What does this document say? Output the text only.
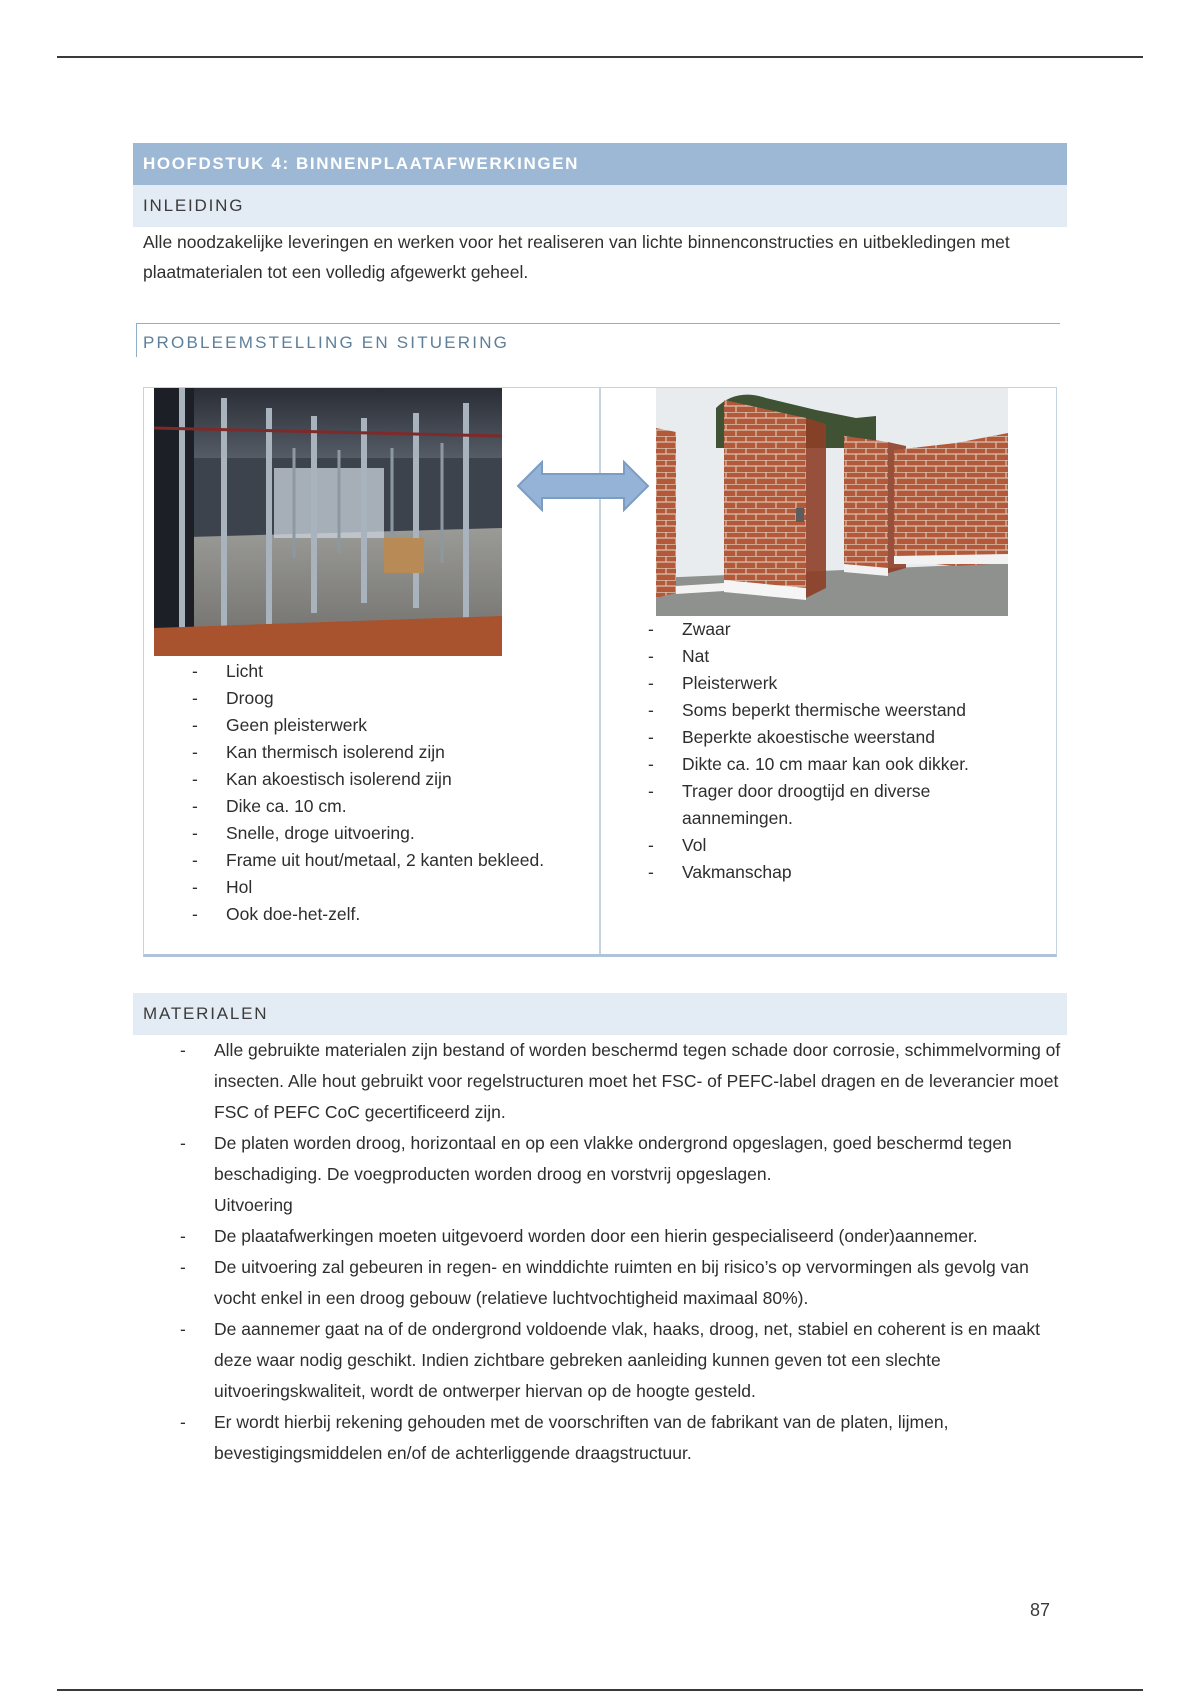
HOOFDSTUK 4: BINNENPLAATAFWERKINGEN
INLEIDING

Alle noodzakelijke leveringen en werken voor het realiseren van lichte binnenconstructies en uitbekledingen met plaatmaterialen tot een volledig afgewerkt geheel.

PROBLEEMSTELLING EN SITUERING
- Licht
- Droog
- Geen pleisterwerk
- Kan thermisch isolerend zijn
- Kan akoestisch isolerend zijn
- Dike ca. 10 cm.
- Snelle, droge uitvoering.
- Frame uit hout/metaal, 2 kanten bekleed.
- Hol
- Ook doe-het-zelf.
- Zwaar
- Nat
- Pleisterwerk
- Soms beperkt thermische weerstand
- Beperkte akoestische weerstand
- Dikte ca. 10 cm maar kan ook dikker.
- Trager door droogtijd en diverse aannemingen.
- Vol
- Vakmanschap
MATERIALEN
- Alle gebruikte materialen zijn bestand of worden beschermd tegen schade door corrosie, schimmelvorming of insecten. Alle hout gebruikt voor regelstructuren moet het FSC- of PEFC-label dragen en de leverancier moet FSC of PEFC CoC gecertificeerd zijn.
- De platen worden droog, horizontaal en op een vlakke ondergrond opgeslagen, goed beschermd tegen beschadiging. De voegproducten worden droog en vorstvrij opgeslagen.
Uitvoering
- De plaatafwerkingen moeten uitgevoerd worden door een hierin gespecialiseerd (onder)aannemer.
- De uitvoering zal gebeuren in regen- en winddichte ruimten en bij risico’s op vervormingen als gevolg van vocht enkel in een droog gebouw (relatieve luchtvochtigheid maximaal 80%).
- De aannemer gaat na of de ondergrond voldoende vlak, haaks, droog, net, stabiel en coherent is en maakt deze waar nodig geschikt. Indien zichtbare gebreken aanleiding kunnen geven tot een slechte uitvoeringskwaliteit, wordt de ontwerper hiervan op de hoogte gesteld.
- Er wordt hierbij rekening gehouden met de voorschriften van de fabrikant van de platen, lijmen, bevestigingsmiddelen en/of de achterliggende draagstructuur.
87
